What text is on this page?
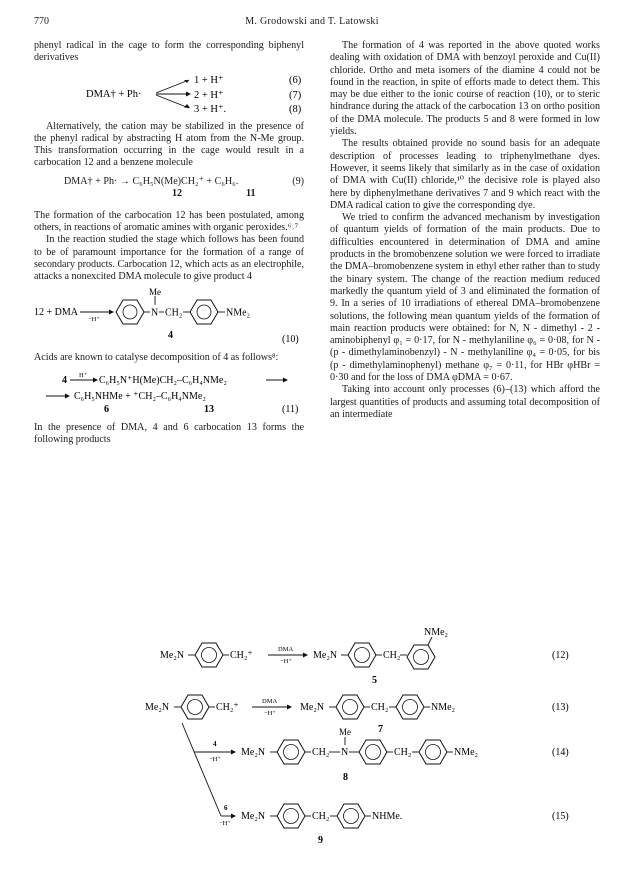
770	M. Grodowski and T. Latowski

phenyl radical in the cage to form the corresponding biphenyl derivatives

DMA† + Ph·
1 + H⁺
2 + H⁺
3 + H⁺.
(6)
(7)
(8)

Alternatively, the cation may be stabilized in the presence of the phenyl radical by abstracting H atom from the N-Me group. This transformation occurring in the cage would result in a carbocation 12 and a benzene molecule

DMA† + Ph· → C₆H₅N(Me)CH₂⁺ + C₆H₆.	(9)
12	11

The formation of the carbocation 12 has been postulated, among others, in reactions of aromatic amines with organic peroxides.⁶˒⁷

In the reaction studied the stage which follows has been found to be of paramount importance for the formation of a range of secondary products. Carbocation 12, which acts as an electrophile, attacks a nonexcited DMA molecule to give product 4

12 + DMA
−H⁺
N
Me
CH₂	NMe₂
4	(10)

Acids are known to catalyse decomposition of 4 as follows⁸:

4 H⁺ C₆H₅N⁺H(Me)CH₂–C₆H₄NMe₂
C₆H₅NHMe + ⁺CH₂–C₆H₄NMe₂
6	13	(11)

In the presence of DMA, 4 and 6 carbocation 13 forms the following products

The formation of 4 was reported in the above quoted works dealing with oxidation of DMA with benzoyl peroxide and Cu(II) chloride. Ortho and meta isomers of the diamine 4 could not be found in the reaction, in spite of efforts made to detect them. This may be due either to the ionic course of reaction (10), or to steric hindrance during the attack of the carbocation 13 on ortho position of the DMA molecule. The products 5 and 8 were formed in low yields.

The results obtained provide no sound basis for an adequate description of processes leading to triphenylmethane dyes. However, it seems likely that similarly as in the case of oxidation of DMA with Cu(II) chloride,¹⁰ the decisive role is played also here by diphenylmethane derivatives 7 and 9 which react with the DMA radical cation to give the corresponding dye.

We tried to confirm the advanced mechanism by investigation of quantum yields of formation of the main products. Due to difficulties encountered in determination of DMA and amine products in the bromobenzene solution we were forced to irradiate the DMA–bromobenzene system in ethyl ether rather than to study the binary system. The change of the reaction medium reduced markedly the quantum yield of 3 and eliminated the formation of 9. In a series of 10 irradiations of ethereal DMA–bromobenzene solutions, the following mean quantum yields of the formation of main reaction products were obtained: for N, N - dimethyl - 2 - aminobiphenyl φ₁ = 0·17, for N - methylaniline φ₆ = 0·08, for N - (p - dimethylaminobenzyl) - N - methylaniline φ₄ = 0·05, for bis (p - dimethylaminophenyl) methane φ₇ = 0·11, for HBr φHBr = 0·30 and for the loss of DMA φDMA = 0·67.

Taking into account only processes (6)–(13) which afford the largest quantities of products and assuming total decomposition of an intermediate

Me₂N	CH₂⁺
DMA
−H⁺
Me₂N	CH₂
NMe₂
5
(12)
Me₂N	CH₂⁺
DMA
−H⁺
Me₂N	CH₂	NMe₂
7
(13)
4
−H⁺
Me₂N	CH₂ N
Me
CH₂	NMe₂
8
(14)
6
−H⁺
Me₂N	CH₂	NHMe.
9
(15)
